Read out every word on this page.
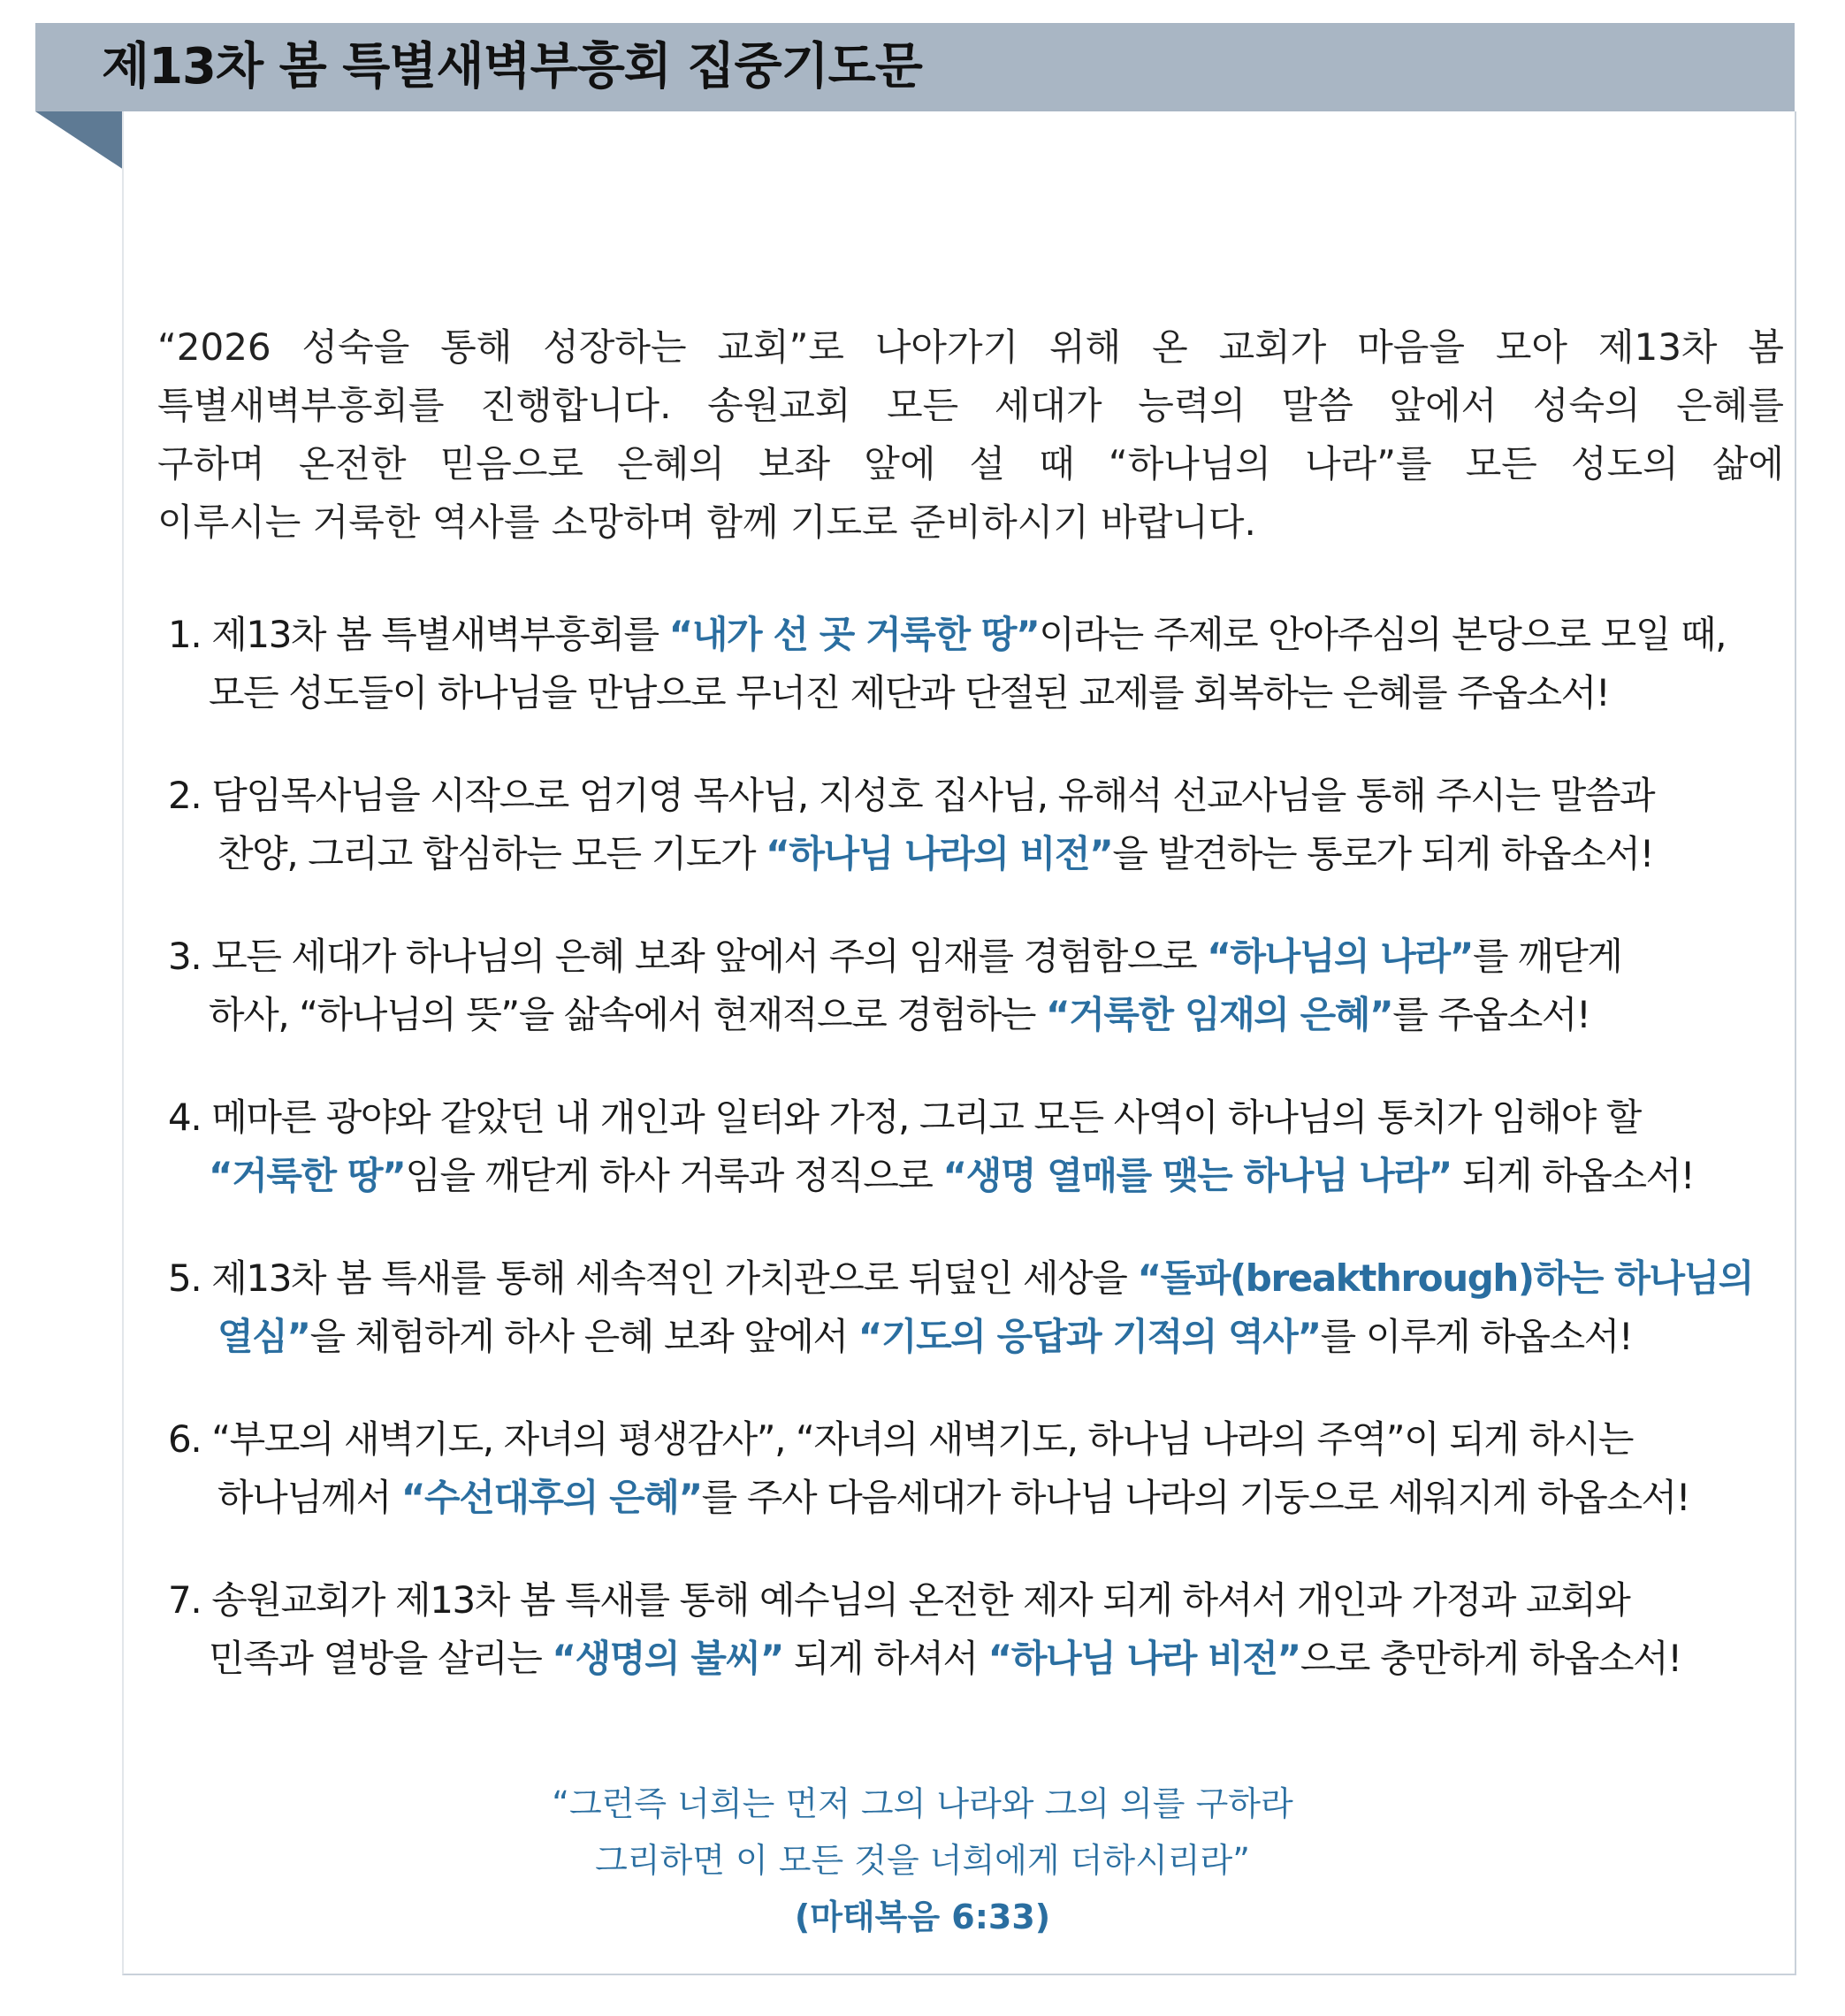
제13차 봄 특별새벽부흥회 집중기도문
“2026 성숙을 통해 성장하는 교회”로 나아가기 위해 온 교회가 마음을 모아 제13차 봄
특별새벽부흥회를 진행합니다. 송원교회 모든 세대가 능력의 말씀 앞에서 성숙의 은혜를
구하며 온전한 믿음으로 은혜의 보좌 앞에 설 때 “하나님의 나라”를 모든 성도의 삶에
이루시는 거룩한 역사를 소망하며 함께 기도로 준비하시기 바랍니다.
1. 제13차 봄 특별새벽부흥회를 “내가 선 곳 거룩한 땅”이라는 주제로 안아주심의 본당으로 모일 때,
모든 성도들이 하나님을 만남으로 무너진 제단과 단절된 교제를 회복하는 은혜를 주옵소서!
2. 담임목사님을 시작으로 엄기영 목사님, 지성호 집사님, 유해석 선교사님을 통해 주시는 말씀과
찬양, 그리고 합심하는 모든 기도가 “하나님 나라의 비전”을 발견하는 통로가 되게 하옵소서!
3. 모든 세대가 하나님의 은혜 보좌 앞에서 주의 임재를 경험함으로 “하나님의 나라”를 깨닫게
하사, “하나님의 뜻”을 삶속에서 현재적으로 경험하는 “거룩한 임재의 은혜”를 주옵소서!
4. 메마른 광야와 같았던 내 개인과 일터와 가정, 그리고 모든 사역이 하나님의 통치가 임해야 할
“거룩한 땅”임을 깨닫게 하사 거룩과 정직으로 “생명 열매를 맺는 하나님 나라” 되게 하옵소서!
5. 제13차 봄 특새를 통해 세속적인 가치관으로 뒤덮인 세상을 “돌파(breakthrough)하는 하나님의
열심”을 체험하게 하사 은혜 보좌 앞에서 “기도의 응답과 기적의 역사”를 이루게 하옵소서!
6. “부모의 새벽기도, 자녀의 평생감사”, “자녀의 새벽기도, 하나님 나라의 주역”이 되게 하시는
하나님께서 “수선대후의 은혜”를 주사 다음세대가 하나님 나라의 기둥으로 세워지게 하옵소서!
7. 송원교회가 제13차 봄 특새를 통해 예수님의 온전한 제자 되게 하셔서 개인과 가정과 교회와
민족과 열방을 살리는 “생명의 불씨” 되게 하셔서 “하나님 나라 비전”으로 충만하게 하옵소서!
“그런즉 너희는 먼저 그의 나라와 그의 의를 구하라
그리하면 이 모든 것을 너희에게 더하시리라”
(마태복음 6:33)
